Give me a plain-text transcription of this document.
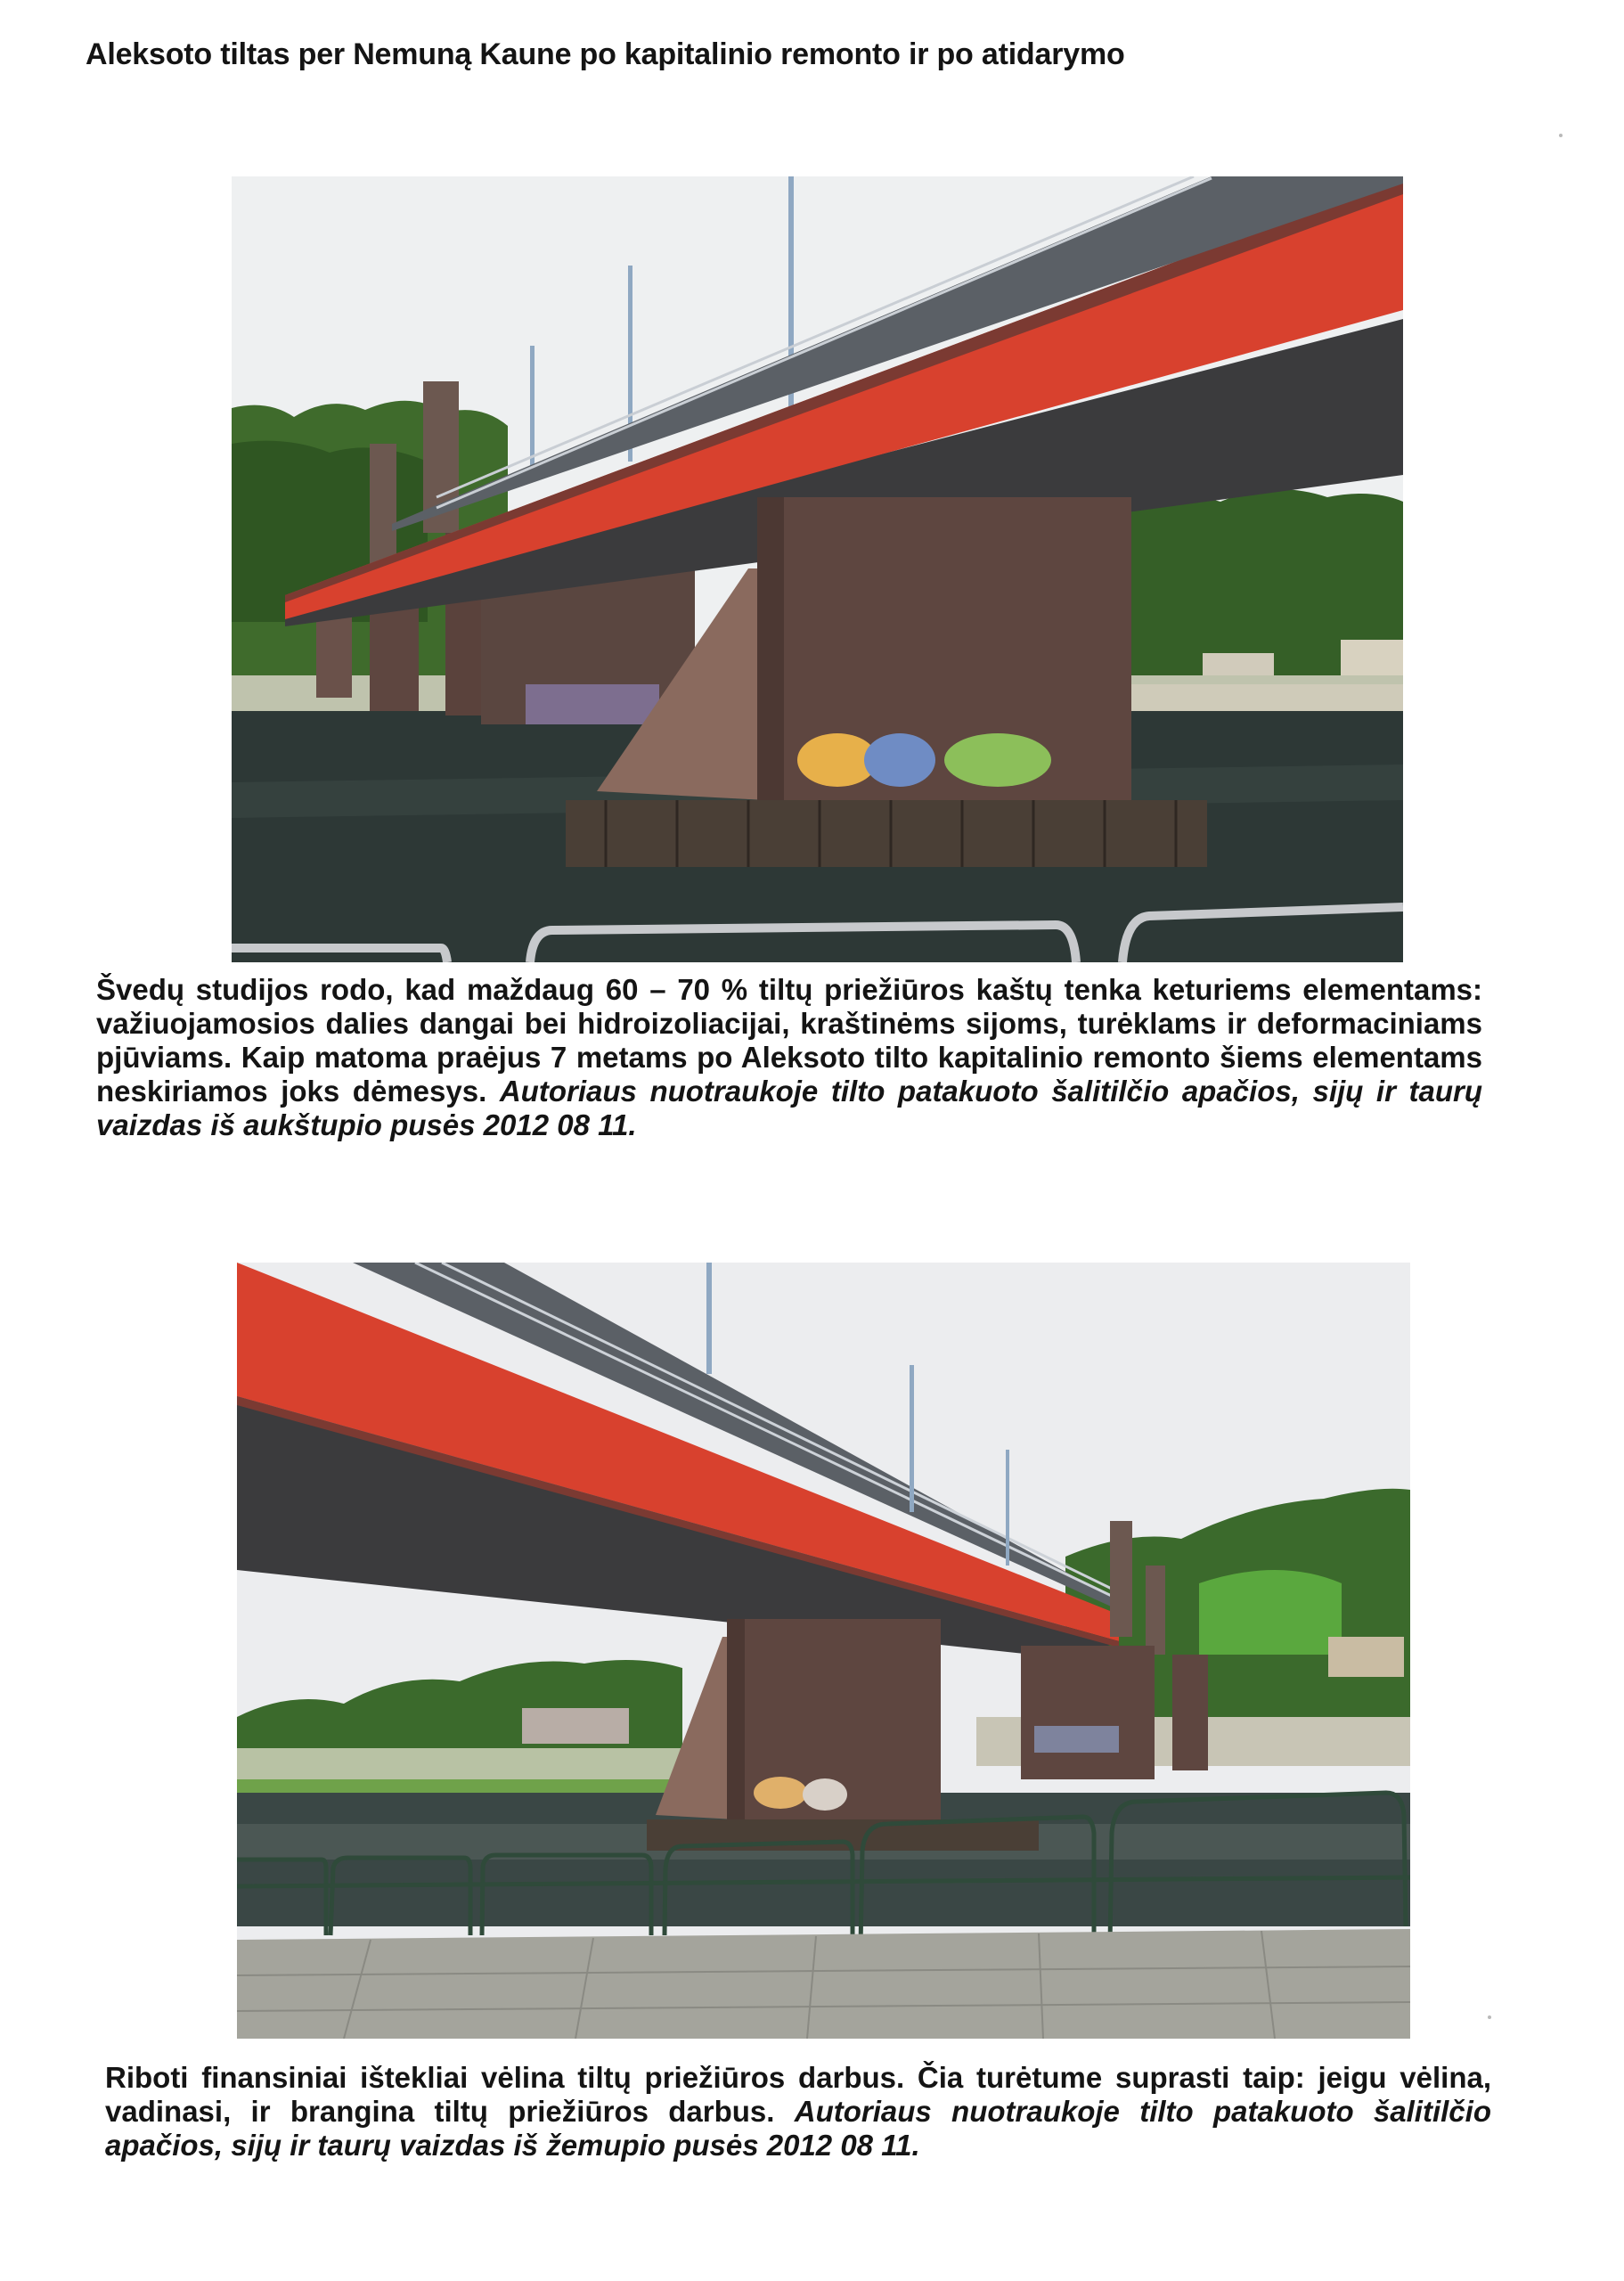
Aleksoto tiltas per Nemuną Kaune po kapitalinio remonto ir po atidarymo
Švedų studijos rodo, kad maždaug 60 – 70 % tiltų priežiūros kaštų tenka keturiems elementams: važiuojamosios dalies dangai bei hidroizoliacijai, kraštinėms sijoms, turėklams ir deformaciniams pjūviams. Kaip matoma praėjus 7 metams po Aleksoto tilto kapitalinio remonto šiems elementams neskiriamos joks dėmesys. Autoriaus nuotraukoje tilto patakuoto šalitilčio apačios, sijų ir taurų vaizdas iš aukštupio pusės 2012 08 11.
Riboti finansiniai ištekliai vėlina tiltų priežiūros darbus. Čia turėtume suprasti taip: jeigu vėlina, vadinasi, ir brangina tiltų priežiūros darbus. Autoriaus nuotraukoje tilto patakuoto šalitilčio apačios, sijų ir taurų vaizdas iš žemupio pusės 2012 08 11.
